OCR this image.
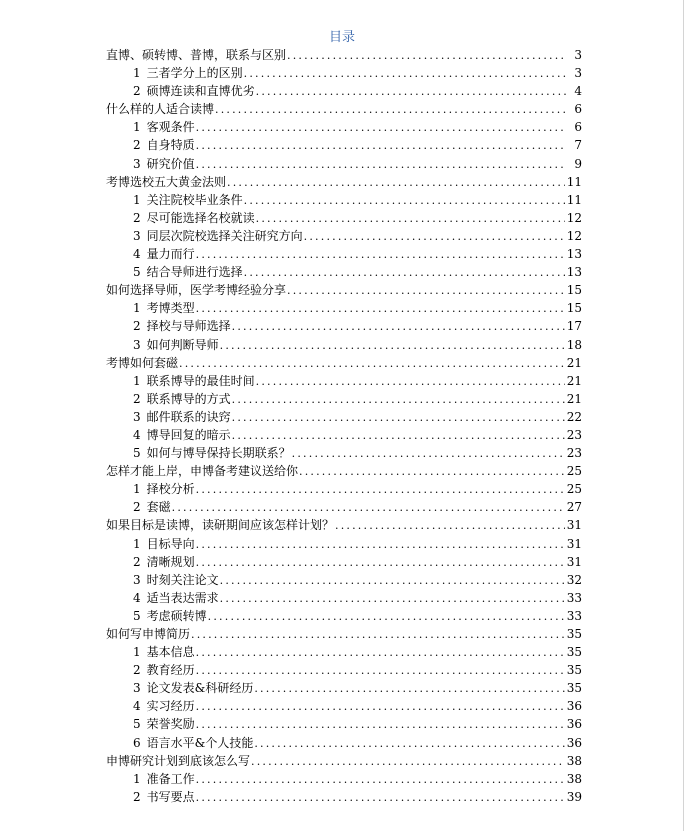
目录
直博、硕转博、普博，联系与区别 .....	3
1 三者学分上的区别 .....	3
2 硕博连读和直博优劣 .....	4
什么样的人适合读博 .....	6
1 客观条件 .....	6
2 自身特质 .....	7
3 研究价值 .....	9
考博选校五大黄金法则 .....	11
1 关注院校毕业条件 .....	11
2 尽可能选择名校就读 .....	12
3 同层次院校选择关注研究方向 .....	12
4 量力而行 .....	13
5 结合导师进行选择 .....	13
如何选择导师，医学考博经验分享 .....	15
1 考博类型 .....	15
2 择校与导师选择 .....	17
3 如何判断导师 .....	18
考博如何套磁 .....	21
1 联系博导的最佳时间 .....	21
2 联系博导的方式 .....	21
3 邮件联系的诀窍 .....	22
4 博导回复的暗示 .....	23
5 如何与博导保持长期联系？ .....	23
怎样才能上岸，申博备考建议送给你 .....	25
1 择校分析 .....	25
2 套磁 .....	27
如果目标是读博，读研期间应该怎样计划？ .....	31
1 目标导向 .....	31
2 清晰规划 .....	31
3 时刻关注论文 .....	32
4 适当表达需求 .....	33
5 考虑硕转博 .....	33
如何写申博简历 .....	35
1 基本信息 .....	35
2 教育经历 .....	35
3 论文发表&科研经历 .....	35
4 实习经历 .....	36
5 荣誉奖励 .....	36
6 语言水平&个人技能 .....	36
申博研究计划到底该怎么写 .....	38
1 准备工作 .....	38
2 书写要点 .....	39
